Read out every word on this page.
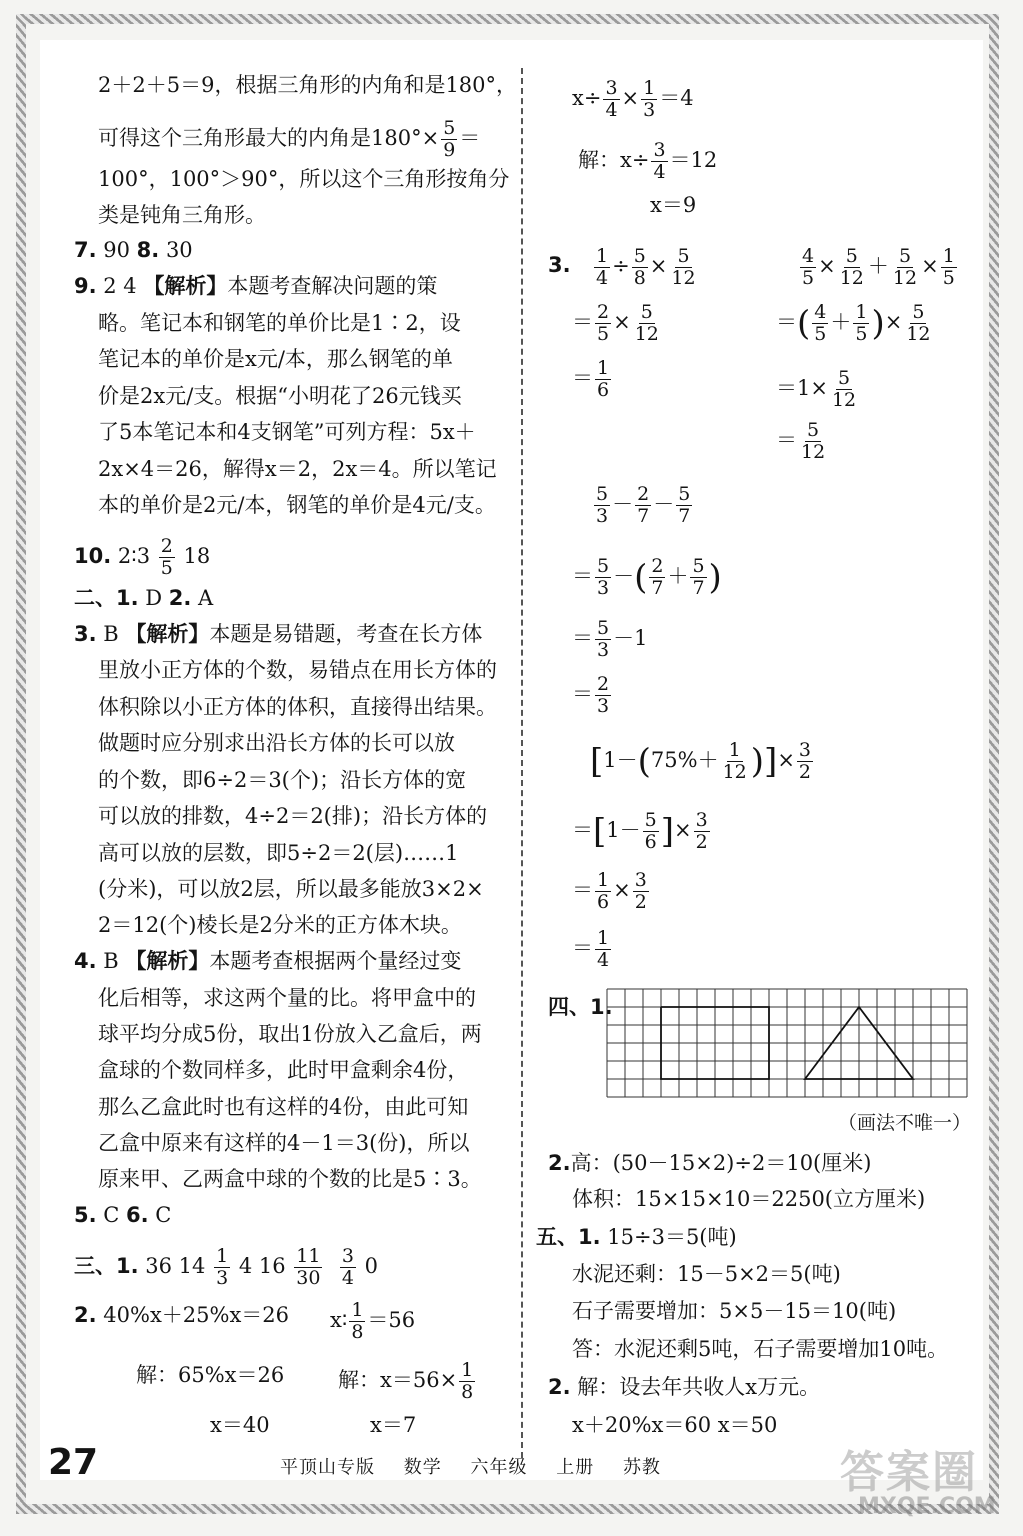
2＋2＋5＝9，根据三角形的内角和是180°，
可得这个三角形最大的内角是$180^\circ\times \frac{5}{9}$ ＝
100°，100°＞90°，所以这个三角形按角分
类是钝角三角形。
7. 90 8. 30
9. 2 4 【解析】本题考查解决问题的策
略。笔记本和钢笔的单价比是1∶2，设
笔记本的单价是x元/本，那么钢笔的单
价是2x元/支。根据“小明花了26元钱买
了5本笔记本和4支钢笔”可列方程：5x＋
2x×4＝26，解得x＝2，2x＝4。所以笔记
本的单价是2元/本，钢笔的单价是4元/支。
10. 2∶3 $\frac{2}{5} 18$
二、1. D 2. A
3. B 【解析】本题是易错题，考查在长方体
里放小正方体的个数，易错点在用长方体的
体积除以小正方体的体积，直接得出结果。
做题时应分别求出沿长方体的长可以放
的个数，即6÷2＝3(个)；沿长方体的宽
可以放的排数，4÷2＝2(排)；沿长方体的
高可以放的层数，即5÷2＝2(层)……1
(分米)，可以放2层，所以最多能放3×2×
2＝12(个)棱长是2分米的正方体木块。
4. B 【解析】本题考查根据两个量经过变
化后相等，求这两个量的比。将甲盒中的
球平均分成5份，取出1份放入乙盒后，两
盒球的个数同样多，此时甲盒剩余4份，
那么乙盒此时也有这样的4份，由此可知
乙盒中原来有这样的4－1＝3(份)，所以
原来甲、乙两盒中球的个数的比是5∶3。
5. C 6. C
三、1. 36 $14 \frac{1}{3} 4$ $16 \frac{11}{30}$
$\frac{3}{4} 0$
2. 40%x＋25%x＝26 x∶ $\frac{1}{8} =56$
解：65%x＝26	解：$x=56\times \frac{1}{8}$
x＝40	x＝7
$x\div \frac{3}{4} \times \frac{1}{3} =4$
解：$x\div \frac{3}{4} =12$
x＝9
3. $\frac{1}{4} \div \frac{5}{8} \times \frac{5}{12}$
＝ $\frac{2}{5} \times \frac{5}{12}$
＝ $\frac{1}{6}$
$\frac{4}{5} \times \frac{5}{12} + \frac{5}{12} \times \frac{1}{5}$
＝( $\frac{4}{5} + \frac{1}{5}$ )× $\frac{5}{12}$
$=1\times \frac{5}{12}$
＝ $\frac{5}{12}$
$\frac{5}{3} - \frac{2}{7} - \frac{5}{7}$
＝ $\frac{5}{3}$ －( $\frac{2}{7} + \frac{5}{7}$ )
＝ $\frac{5}{3} -1$
＝ $\frac{2}{3}$
[$1-(75\%+ \frac{1}{12}$ )]× $\frac{3}{2}$
$=[1- \frac{5}{6}$ ]× $\frac{3}{2}$
＝ $\frac{1}{6} \times \frac{3}{2}$
＝ $\frac{1}{4}$
四、1.
（画法不唯一）
2.高：(50－15×2)÷2＝10(厘米)
体积：15×15×10＝2250(立方厘米)
五、1. 15÷3＝5(吨)
水泥还剩：15－5×2＝5(吨)
石子需要增加：5×5－15＝10(吨)
答：水泥还剩5吨，石子需要增加10吨。
2. 解：设去年共收人x万元。
x＋20%x＝60 x＝50
27	平顶山专版 数学 六年级 上册 苏教	答案圈
MXQE.COM
